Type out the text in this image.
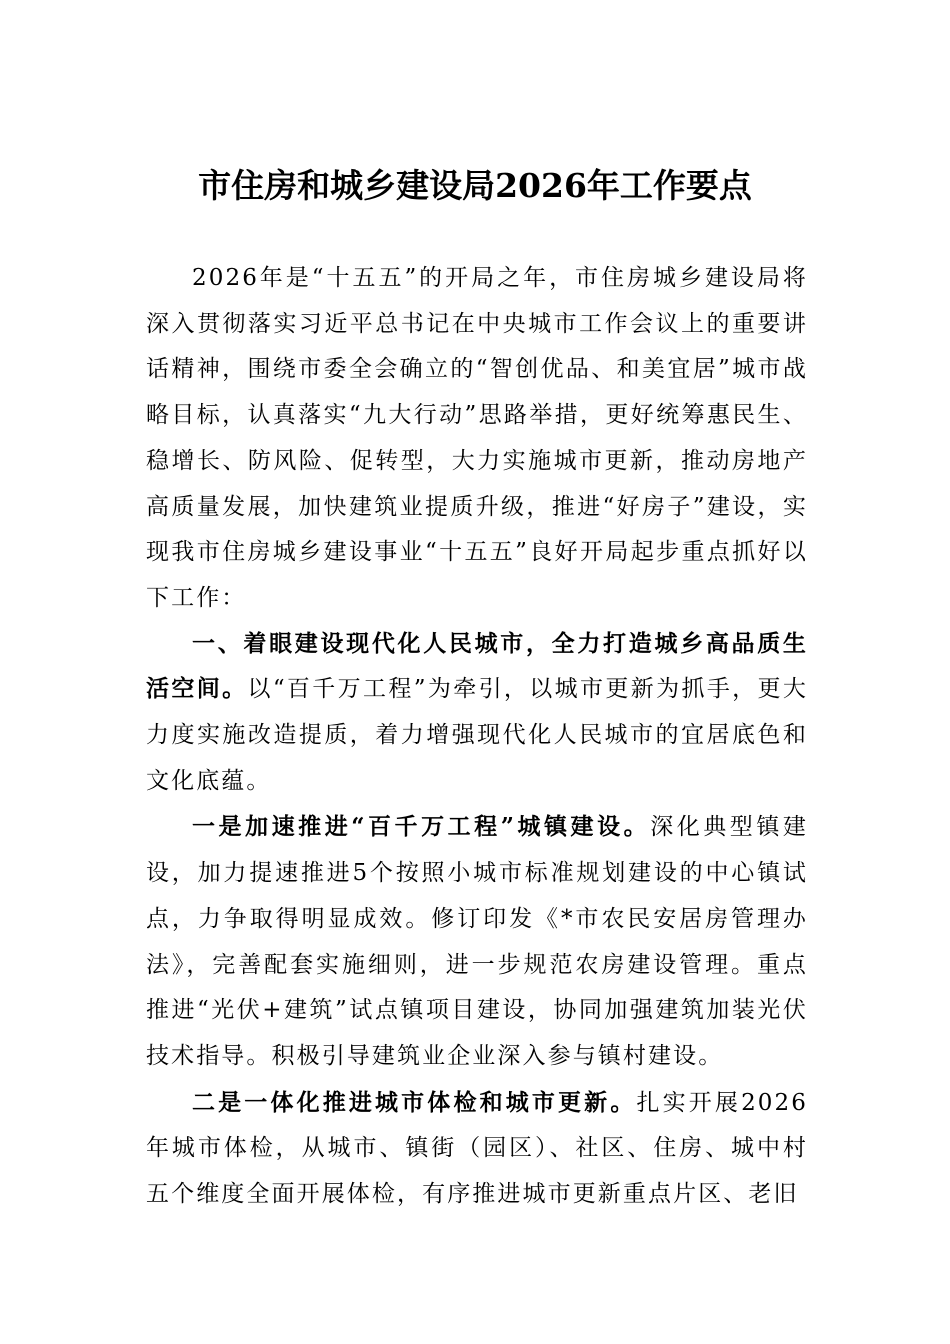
市住房和城乡建设局2026年工作要点

2026年是“十五五”的开局之年，市住房城乡建设局将深入贯彻落实习近平总书记在中央城市工作会议上的重要讲话精神，围绕市委全会确立的“智创优品、和美宜居”城市战略目标，认真落实“九大行动”思路举措，更好统筹惠民生、稳增长、防风险、促转型，大力实施城市更新，推动房地产高质量发展，加快建筑业提质升级，推进“好房子”建设，实现我市住房城乡建设事业“十五五”良好开局起步重点抓好以下工作：

一、着眼建设现代化人民城市，全力打造城乡高品质生活空间。以“百千万工程”为牵引，以城市更新为抓手，更大力度实施改造提质，着力增强现代化人民城市的宜居底色和文化底蕴。

一是加速推进“百千万工程”城镇建设。深化典型镇建设，加力提速推进5个按照小城市标准规划建设的中心镇试点，力争取得明显成效。修订印发《*市农民安居房管理办法》，完善配套实施细则，进一步规范农房建设管理。重点推进“光伏+建筑”试点镇项目建设，协同加强建筑加装光伏技术指导。积极引导建筑业企业深入参与镇村建设。

二是一体化推进城市体检和城市更新。扎实开展2026年城市体检，从城市、镇街（园区）、社区、住房、城中村五个维度全面开展体检，有序推进城市更新重点片区、老旧
